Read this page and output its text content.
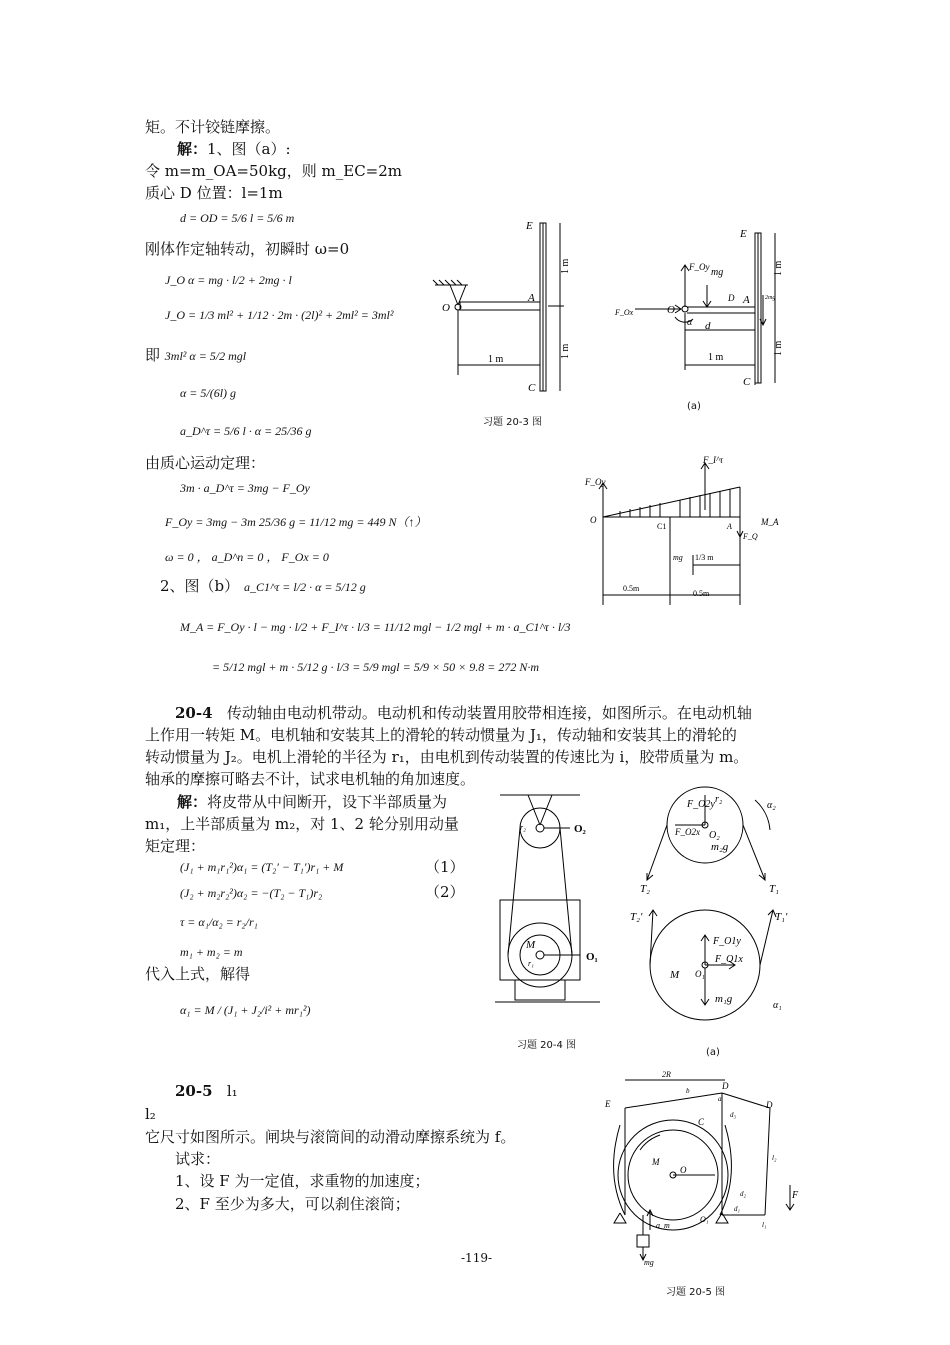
矩。不计铰链摩擦。
解：1、图（a）:
令 m=m_OA=50kg，则 m_EC=2m
质心 D 位置：l=1m
d = OD = 5/6 l = 5/6 m
刚体作定轴转动，初瞬时 ω=0
J_O α = mg · l/2 + 2mg · l
J_O = 1/3 ml² + 1/12 · 2m · (2l)² + 2ml² = 3ml²
即 3ml² α = 5/2 mgl
α = 5/(6l) g
a_D^τ = 5/6 l · α = 25/36 g
由质心运动定理：
3m · a_D^τ = 3mg − F_Oy
F_Oy = 3mg − 3m 25/36 g = 11/12 mg = 449 N（↑）
ω = 0 ， a_D^n = 0 ， F_Ox = 0
2、图（b） a_C1^τ = l/2 · α = 5/12 g
M_A = F_Oy · l − mg · l/2 + F_I^τ · l/3 = 11/12 mgl − 1/2 mgl + m · a_C1^τ · l/3
= 5/12 mgl + m · 5/12 g · l/3 = 5/9 mgl = 5/9 × 50 × 9.8 = 272 N·m
E
A
C
O
1 m
1 m
1 m
习题 20-3 图
E
A
C
O
D
d
α
F_Oy
F_Ox
mg
2mg
1 m
1 m
1 m
(a)
F_Oy
F_I^τ
O
C1	A	M_A
F_Q
mg 1/3 m
0.5m
0.5m
20-4 传动轴由电动机带动。电动机和传动装置用胶带相连接，如图所示。在电动机轴
上作用一转矩 M。电机轴和安装其上的滑轮的转动惯量为 J₁，传动轴和安装其上的滑轮的
转动惯量为 J₂。电机上滑轮的半径为 r₁，由电机到传动装置的传速比为 i，胶带质量为 m。
轴承的摩擦可略去不计，试求电机轴的角加速度。
解：将皮带从中间断开，设下半部质量为
m₁，上半部质量为 m₂，对 1、2 轮分别用动量
矩定理：
(J₁ + m₁r₁²)α₁ = (T₂′ − T₁′)r₁ + M	（1）
(J₂ + m₂r₂²)α₂ = −(T₂ − T₁)r₂	（2）
τ = α₁/α₂ = r₂/r₁
m₁ + m₂ = m
代入上式，解得
α₁ = M / (J₁ + J₂/i² + mr₁²)
O₂
O₁
M
r₁
r₂
习题 20-4 图
F_O2y
F_O2x
r₂
O₂
m₂g
α₂
T₂	T₁
T₂′	T₁′
F_O1y
F_O1x
M O₁
m₁g
α₁
(a)
20-5 l₁
l₂
它尺寸如图所示。闸块与滚筒间的动滑动摩擦系统为 f。
试求：
1、设 F 为一定值，求重物的加速度；
2、F 至少为多大，可以刹住滚筒；
2R
E
D
D
C
O
O₁
M
F
a_m
mg
d₃
l₂
l₁
d₁
d₂
b
a
习题 20-5 图
-119-
